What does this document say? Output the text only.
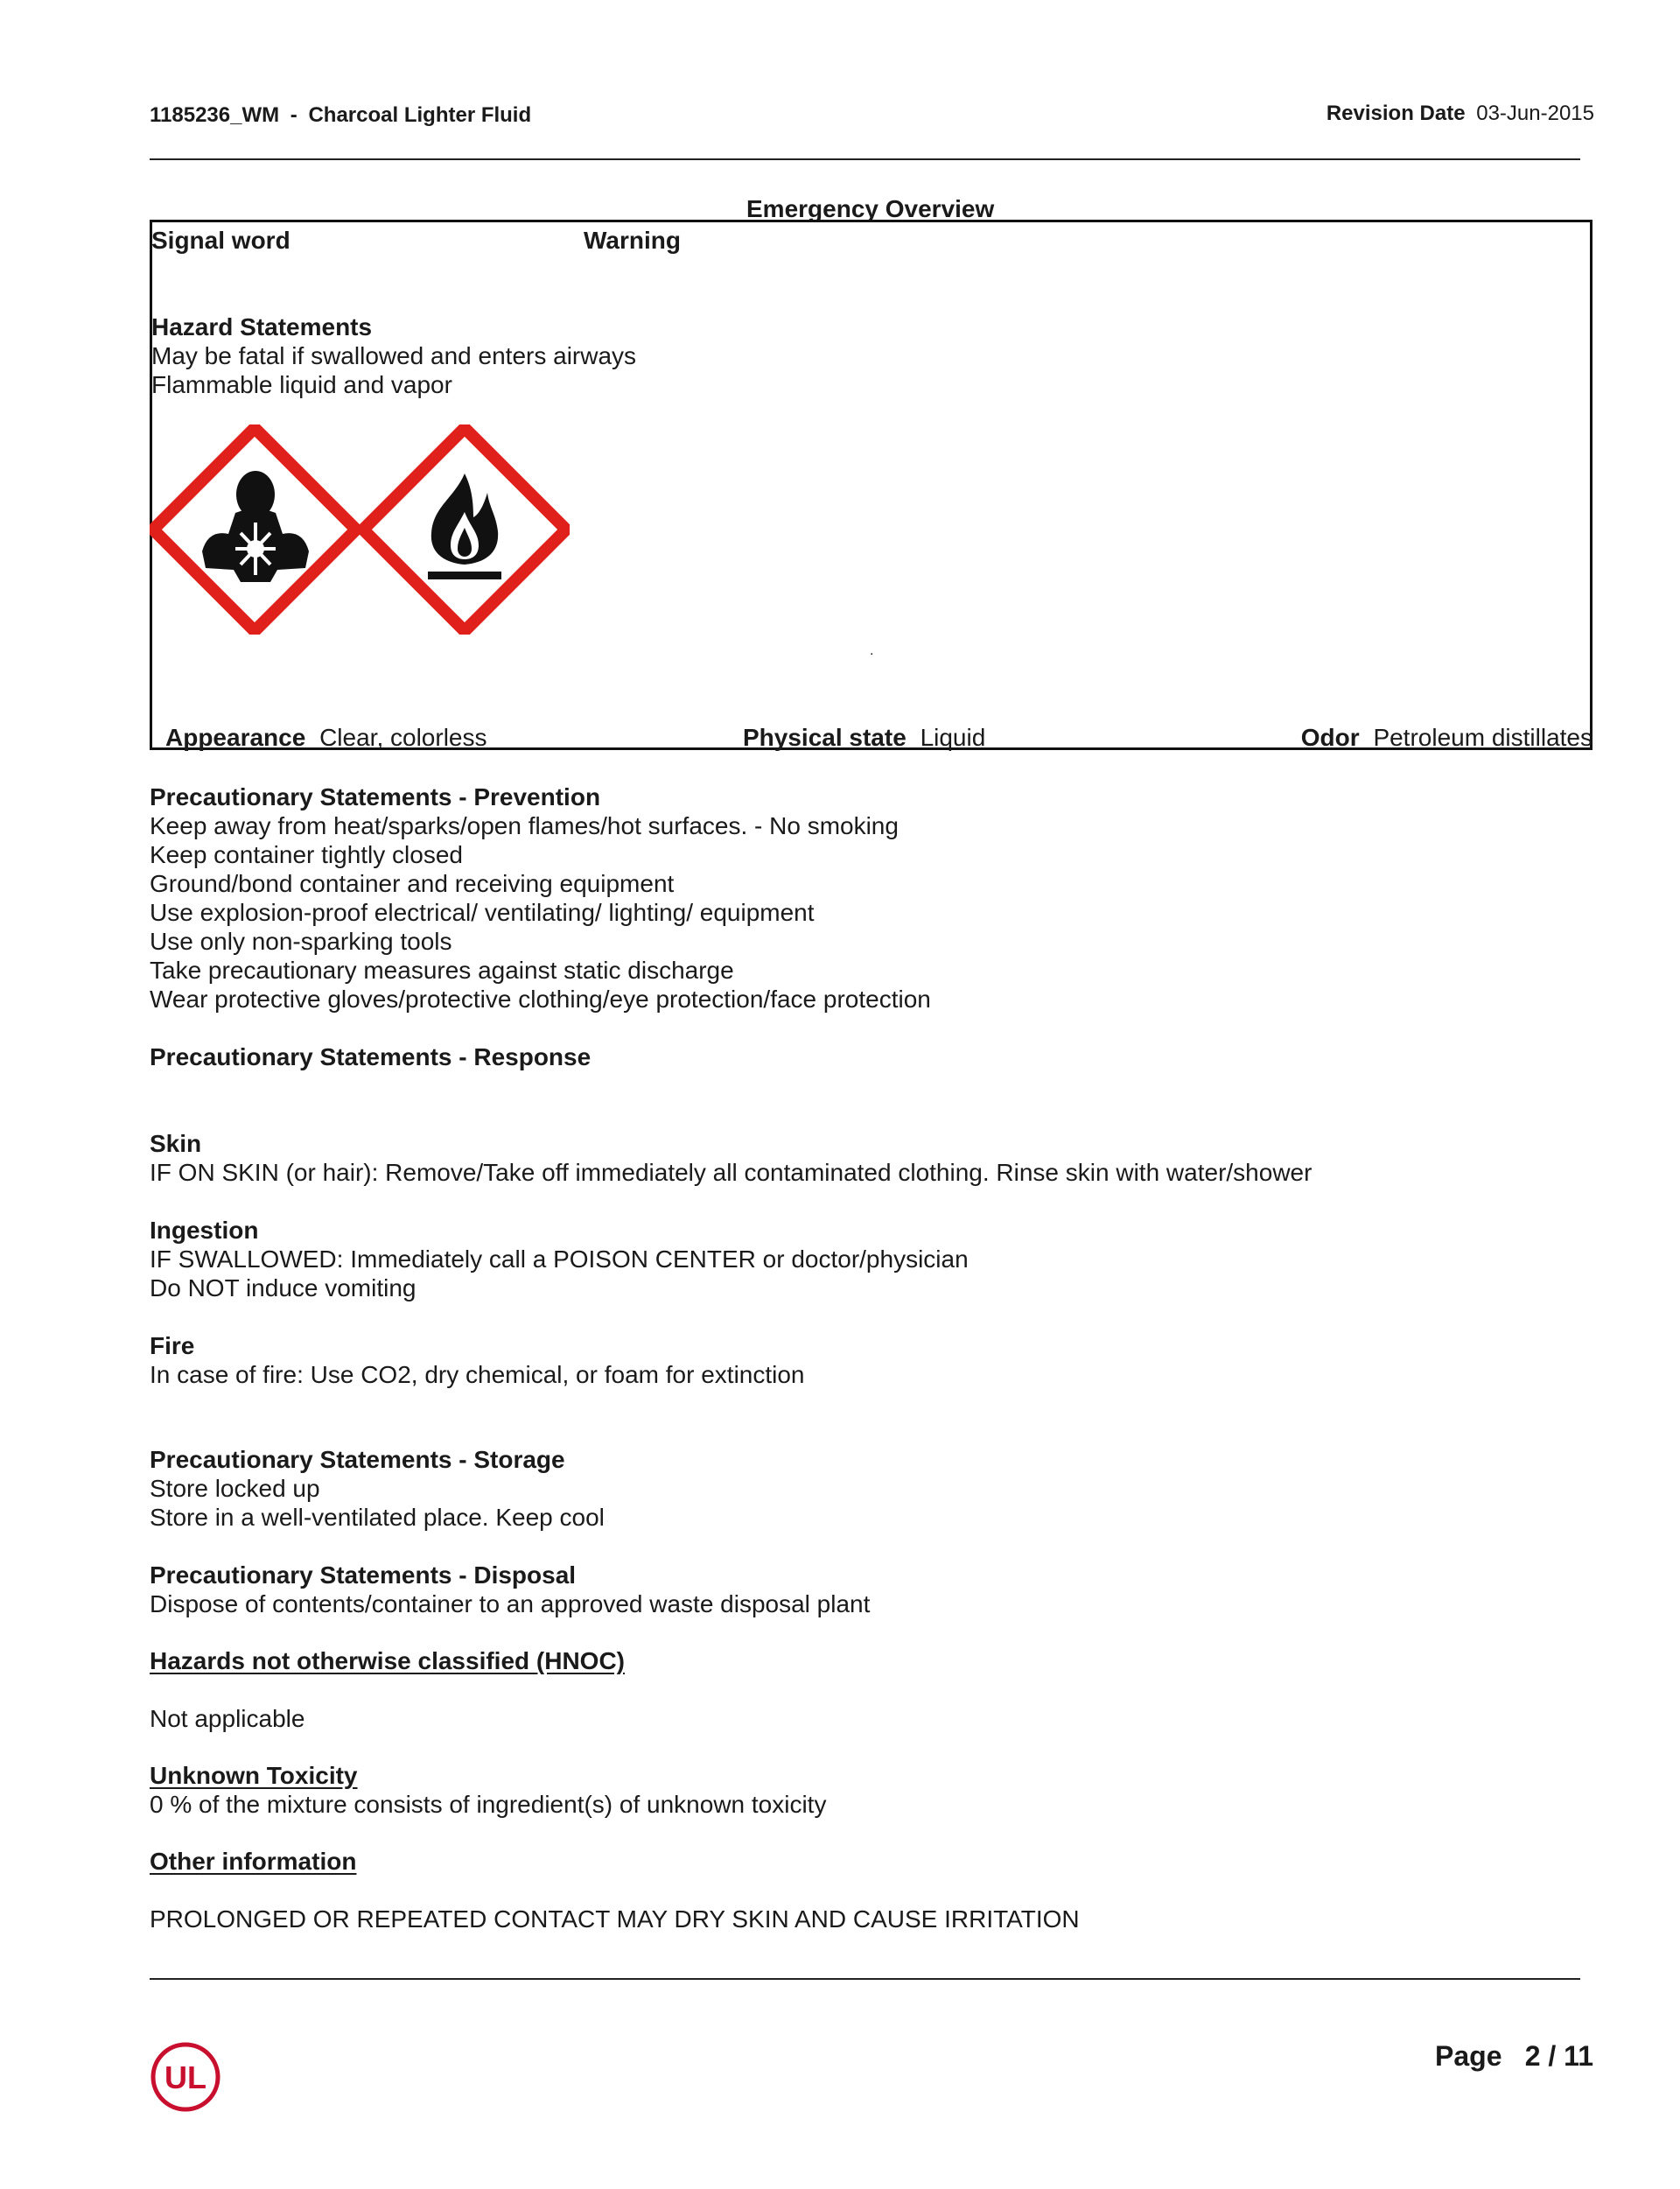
1185236_WM - Charcoal Lighter Fluid	Revision Date 03-Jun-2015
Emergency Overview
Signal word	Warning
Hazard Statements
May be fatal if swallowed and enters airways
Flammable liquid and vapor
.
Appearance Clear, colorless	Physical state Liquid	Odor Petroleum distillates
Precautionary Statements - Prevention
Keep away from heat/sparks/open flames/hot surfaces. - No smoking
Keep container tightly closed
Ground/bond container and receiving equipment
Use explosion-proof electrical/ ventilating/ lighting/ equipment
Use only non-sparking tools
Take precautionary measures against static discharge
Wear protective gloves/protective clothing/eye protection/face protection
Precautionary Statements - Response
Skin
IF ON SKIN (or hair): Remove/Take off immediately all contaminated clothing. Rinse skin with water/shower
Ingestion
IF SWALLOWED: Immediately call a POISON CENTER or doctor/physician
Do NOT induce vomiting
Fire
In case of fire: Use CO2, dry chemical, or foam for extinction
Precautionary Statements - Storage
Store locked up
Store in a well-ventilated place. Keep cool
Precautionary Statements - Disposal
Dispose of contents/container to an approved waste disposal plant
Hazards not otherwise classified (HNOC)
Not applicable
Unknown Toxicity
0 % of the mixture consists of ingredient(s) of unknown toxicity
Other information
PROLONGED OR REPEATED CONTACT MAY DRY SKIN AND CAUSE IRRITATION
UL
Page 2 / 11
